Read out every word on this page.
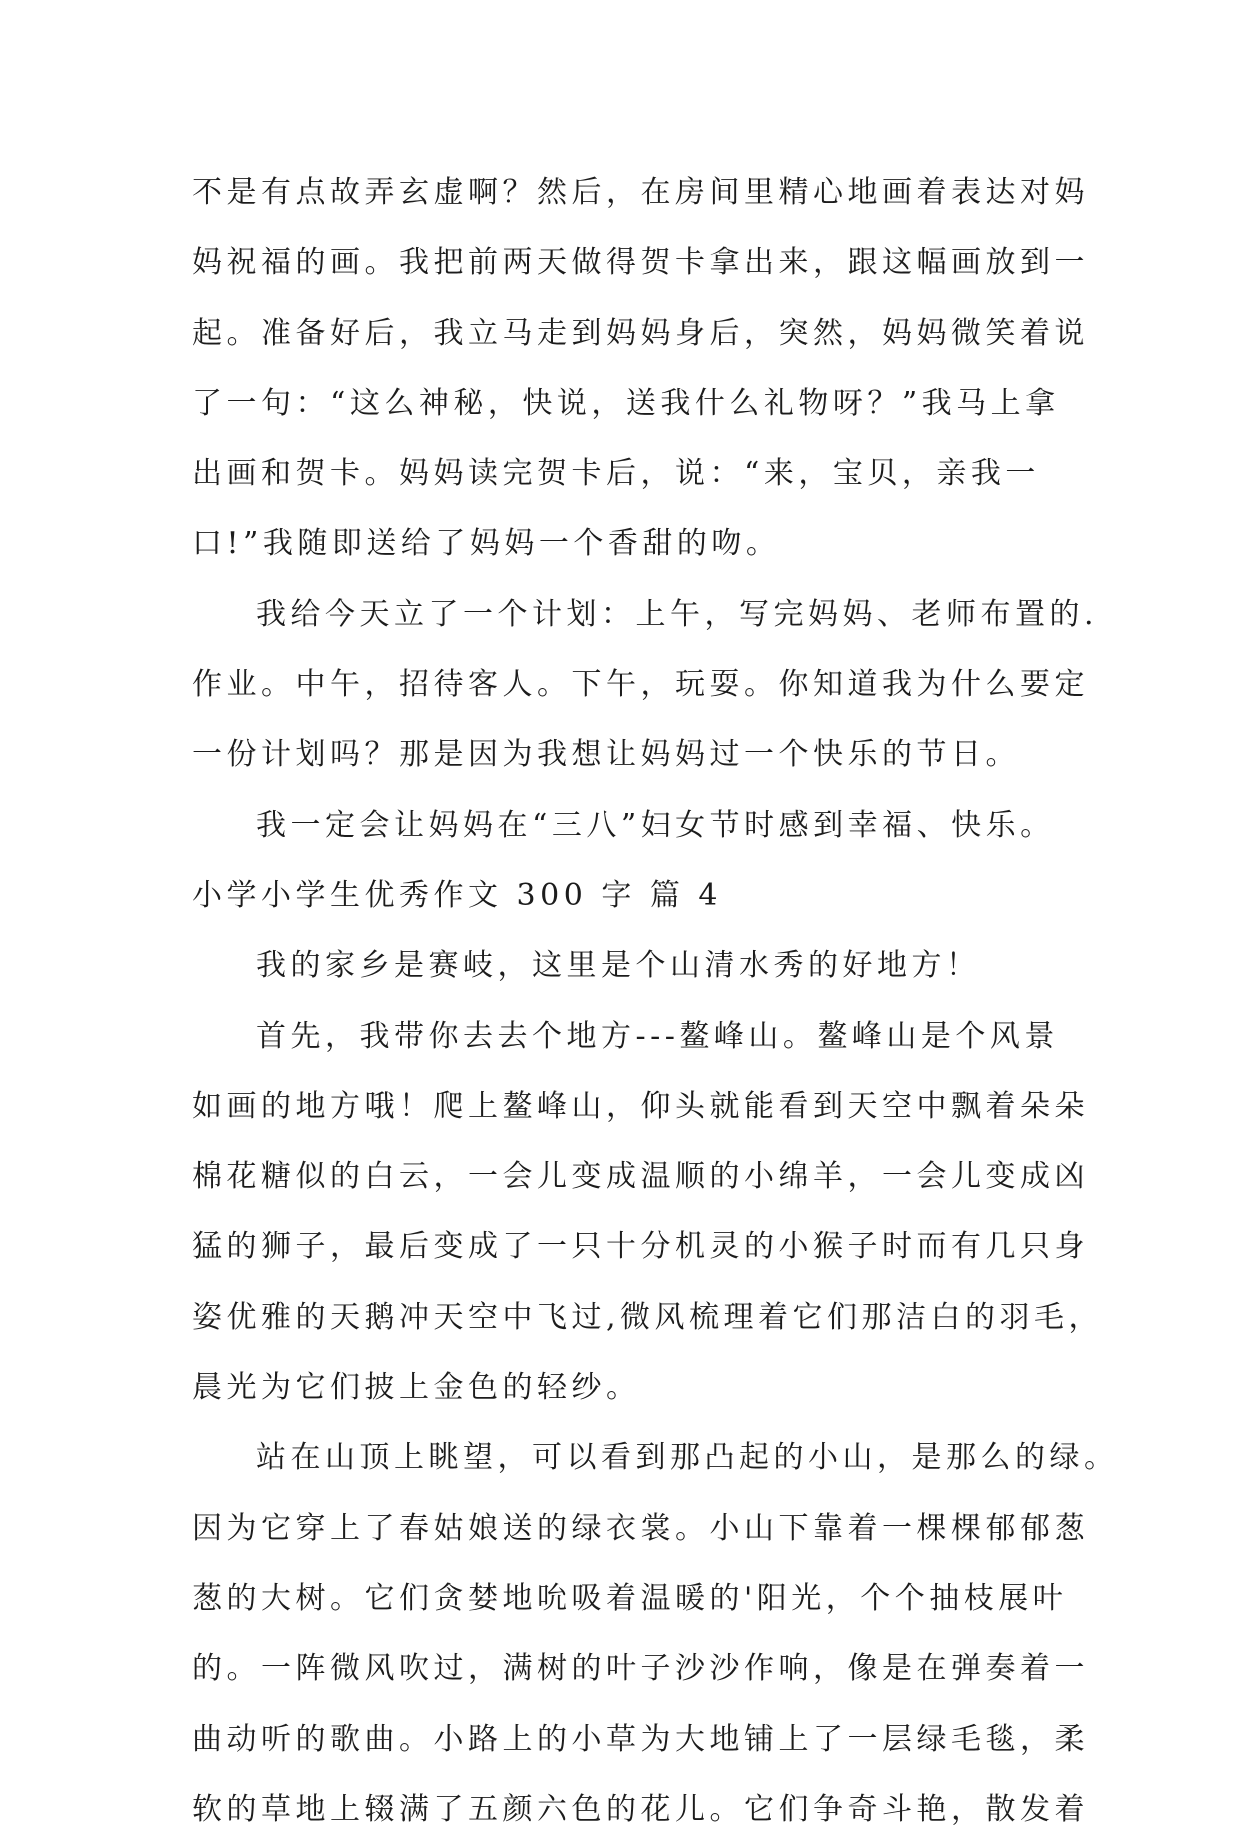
不是有点故弄玄虚啊？然后，在房间里精心地画着表达对妈
妈祝福的画。我把前两天做得贺卡拿出来，跟这幅画放到一
起。准备好后，我立马走到妈妈身后，突然，妈妈微笑着说
了一句：“这么神秘，快说，送我什么礼物呀？”我马上拿
出画和贺卡。妈妈读完贺卡后，说：“来，宝贝，亲我一
口!”我随即送给了妈妈一个香甜的吻。
我给今天立了一个计划：上午，写完妈妈、老师布置的.
作业。中午，招待客人。下午，玩耍。你知道我为什么要定
一份计划吗？那是因为我想让妈妈过一个快乐的节日。
我一定会让妈妈在“三八”妇女节时感到幸福、快乐。
小学小学生优秀作文 300 字 篇 4
我的家乡是赛岐，这里是个山清水秀的好地方！
首先，我带你去去个地方---鳌峰山。鳌峰山是个风景
如画的地方哦！爬上鳌峰山，仰头就能看到天空中飘着朵朵
棉花糖似的白云，一会儿变成温顺的小绵羊，一会儿变成凶
猛的狮子，最后变成了一只十分机灵的小猴子时而有几只身
姿优雅的天鹅冲天空中飞过,微风梳理着它们那洁白的羽毛，
晨光为它们披上金色的轻纱。
站在山顶上眺望，可以看到那凸起的小山，是那么的绿。
因为它穿上了春姑娘送的绿衣裳。小山下靠着一棵棵郁郁葱
葱的大树。它们贪婪地吮吸着温暖的'阳光，个个抽枝展叶
的。一阵微风吹过，满树的叶子沙沙作响，像是在弹奏着一
曲动听的歌曲。小路上的小草为大地铺上了一层绿毛毯，柔
软的草地上辍满了五颜六色的花儿。它们争奇斗艳，散发着
